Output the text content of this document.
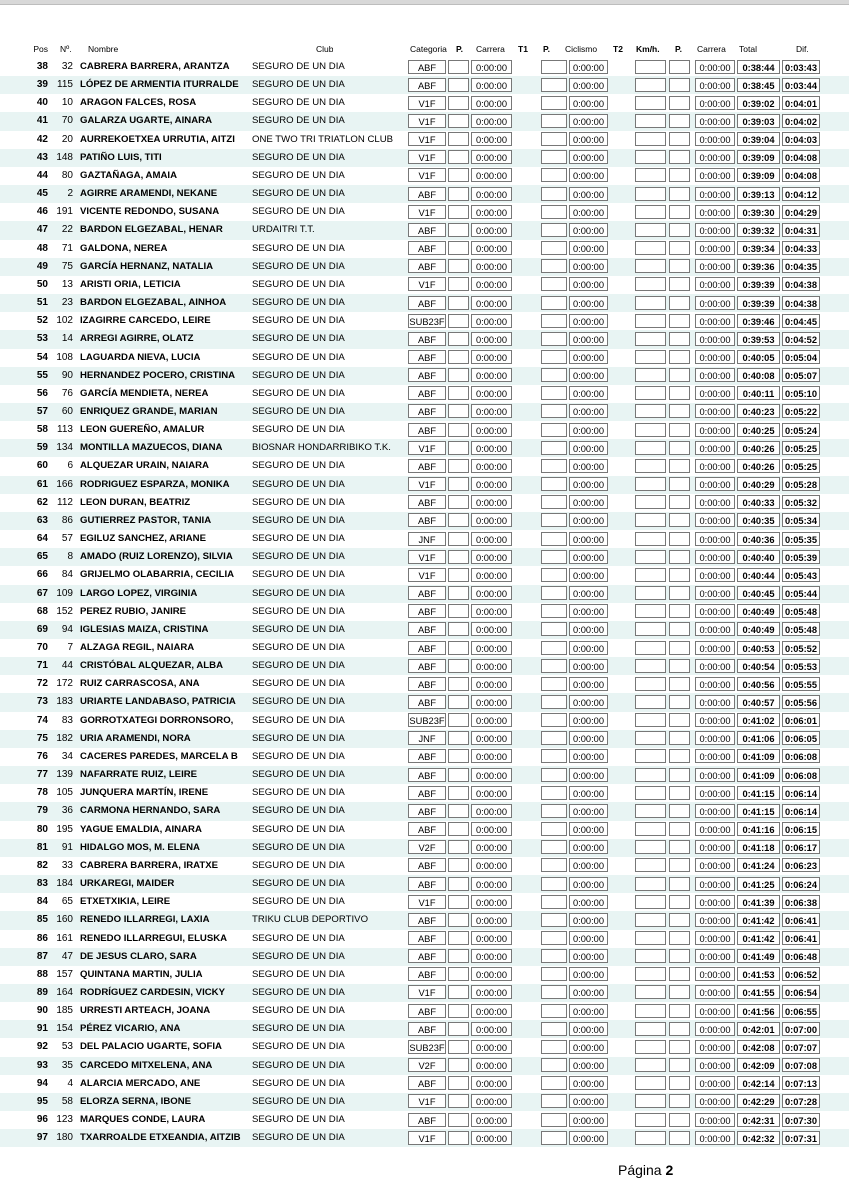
Pos Nº.	Nombre	Club	Categoria P. Carrera T1 P. Ciclismo T2 Km/h. P. Carrera Total	Dif.
38	32 CABRERA BARRERA, ARANTZA	SEGURO DE UN DIA	ABF	0:00:00	0:00:00	0:00:00	0:38:44	0:03:43
39 115 LÓPEZ DE ARMENTIA ITURRALDE	SEGURO DE UN DIA	ABF	0:00:00	0:00:00	0:00:00	0:38:45	0:03:44
40	10 ARAGON FALCES, ROSA	SEGURO DE UN DIA	V1F	0:00:00	0:00:00	0:00:00	0:39:02	0:04:01
41	70 GALARZA UGARTE, AINARA	SEGURO DE UN DIA	V1F	0:00:00	0:00:00	0:00:00	0:39:03	0:04:02
42	20 AURREKOETXEA URRUTIA, AITZI	ONE TWO TRI TRIATLON CLUB	V1F	0:00:00	0:00:00	0:00:00	0:39:04	0:04:03
43 148 PATIÑO LUIS, TITI	SEGURO DE UN DIA	V1F	0:00:00	0:00:00	0:00:00	0:39:09	0:04:08
44	80 GAZTAÑAGA, AMAIA	SEGURO DE UN DIA	V1F	0:00:00	0:00:00	0:00:00	0:39:09	0:04:08
45	2 AGIRRE ARAMENDI, NEKANE	SEGURO DE UN DIA	ABF	0:00:00	0:00:00	0:00:00	0:39:13	0:04:12
46 191 VICENTE REDONDO, SUSANA	SEGURO DE UN DIA	V1F	0:00:00	0:00:00	0:00:00	0:39:30	0:04:29
47	22 BARDON ELGEZABAL, HENAR	URDAITRI T.T.	ABF	0:00:00	0:00:00	0:00:00	0:39:32	0:04:31
48	71 GALDONA, NEREA	SEGURO DE UN DIA	ABF	0:00:00	0:00:00	0:00:00	0:39:34	0:04:33
49	75 GARCÍA HERNANZ, NATALIA	SEGURO DE UN DIA	ABF	0:00:00	0:00:00	0:00:00	0:39:36	0:04:35
50	13 ARISTI ORIA, LETICIA	SEGURO DE UN DIA	V1F	0:00:00	0:00:00	0:00:00	0:39:39	0:04:38
51	23 BARDON ELGEZABAL, AINHOA	SEGURO DE UN DIA	ABF	0:00:00	0:00:00	0:00:00	0:39:39	0:04:38
52 102 IZAGIRRE CARCEDO, LEIRE	SEGURO DE UN DIA	SUB23F	0:00:00	0:00:00	0:00:00	0:39:46	0:04:45
53	14 ARREGI AGIRRE, OLATZ	SEGURO DE UN DIA	ABF	0:00:00	0:00:00	0:00:00	0:39:53	0:04:52
54 108 LAGUARDA NIEVA, LUCIA	SEGURO DE UN DIA	ABF	0:00:00	0:00:00	0:00:00	0:40:05	0:05:04
55	90 HERNANDEZ POCERO, CRISTINA	SEGURO DE UN DIA	ABF	0:00:00	0:00:00	0:00:00	0:40:08	0:05:07
56	76 GARCÍA MENDIETA, NEREA	SEGURO DE UN DIA	ABF	0:00:00	0:00:00	0:00:00	0:40:11	0:05:10
57	60 ENRIQUEZ GRANDE, MARIAN	SEGURO DE UN DIA	ABF	0:00:00	0:00:00	0:00:00	0:40:23	0:05:22
58 113 LEON GUEREÑO, AMALUR	SEGURO DE UN DIA	ABF	0:00:00	0:00:00	0:00:00	0:40:25	0:05:24
59 134 MONTILLA MAZUECOS, DIANA	BIOSNAR HONDARRIBIKO T.K.	V1F	0:00:00	0:00:00	0:00:00	0:40:26	0:05:25
60	6 ALQUEZAR URAIN, NAIARA	SEGURO DE UN DIA	ABF	0:00:00	0:00:00	0:00:00	0:40:26	0:05:25
61 166 RODRIGUEZ ESPARZA, MONIKA	SEGURO DE UN DIA	V1F	0:00:00	0:00:00	0:00:00	0:40:29	0:05:28
62 112 LEON DURAN, BEATRIZ	SEGURO DE UN DIA	ABF	0:00:00	0:00:00	0:00:00	0:40:33	0:05:32
63	86 GUTIERREZ PASTOR, TANIA	SEGURO DE UN DIA	ABF	0:00:00	0:00:00	0:00:00	0:40:35	0:05:34
64	57 EGILUZ SANCHEZ, ARIANE	SEGURO DE UN DIA	JNF	0:00:00	0:00:00	0:00:00	0:40:36	0:05:35
65	8 AMADO (RUIZ LORENZO), SILVIA	SEGURO DE UN DIA	V1F	0:00:00	0:00:00	0:00:00	0:40:40	0:05:39
66	84 GRIJELMO OLABARRIA, CECILIA	SEGURO DE UN DIA	V1F	0:00:00	0:00:00	0:00:00	0:40:44	0:05:43
67 109 LARGO LOPEZ, VIRGINIA	SEGURO DE UN DIA	ABF	0:00:00	0:00:00	0:00:00	0:40:45	0:05:44
68 152 PEREZ RUBIO, JANIRE	SEGURO DE UN DIA	ABF	0:00:00	0:00:00	0:00:00	0:40:49	0:05:48
69	94 IGLESIAS MAIZA, CRISTINA	SEGURO DE UN DIA	ABF	0:00:00	0:00:00	0:00:00	0:40:49	0:05:48
70	7 ALZAGA REGIL, NAIARA	SEGURO DE UN DIA	ABF	0:00:00	0:00:00	0:00:00	0:40:53	0:05:52
71	44 CRISTÓBAL ALQUEZAR, ALBA	SEGURO DE UN DIA	ABF	0:00:00	0:00:00	0:00:00	0:40:54	0:05:53
72 172 RUIZ CARRASCOSA, ANA	SEGURO DE UN DIA	ABF	0:00:00	0:00:00	0:00:00	0:40:56	0:05:55
73 183 URIARTE LANDABASO, PATRICIA	SEGURO DE UN DIA	ABF	0:00:00	0:00:00	0:00:00	0:40:57	0:05:56
74	83 GORROTXATEGI DORRONSORO,	SEGURO DE UN DIA	SUB23F	0:00:00	0:00:00	0:00:00	0:41:02	0:06:01
75 182 URIA ARAMENDI, NORA	SEGURO DE UN DIA	JNF	0:00:00	0:00:00	0:00:00	0:41:06	0:06:05
76	34 CACERES PAREDES, MARCELA B	SEGURO DE UN DIA	ABF	0:00:00	0:00:00	0:00:00	0:41:09	0:06:08
77 139 NAFARRATE RUIZ, LEIRE	SEGURO DE UN DIA	ABF	0:00:00	0:00:00	0:00:00	0:41:09	0:06:08
78 105 JUNQUERA MARTÍN, IRENE	SEGURO DE UN DIA	ABF	0:00:00	0:00:00	0:00:00	0:41:15	0:06:14
79	36 CARMONA HERNANDO, SARA	SEGURO DE UN DIA	ABF	0:00:00	0:00:00	0:00:00	0:41:15	0:06:14
80 195 YAGUE EMALDIA, AINARA	SEGURO DE UN DIA	ABF	0:00:00	0:00:00	0:00:00	0:41:16	0:06:15
81	91 HIDALGO MOS, M. ELENA	SEGURO DE UN DIA	V2F	0:00:00	0:00:00	0:00:00	0:41:18	0:06:17
82	33 CABRERA BARRERA, IRATXE	SEGURO DE UN DIA	ABF	0:00:00	0:00:00	0:00:00	0:41:24	0:06:23
83 184 URKAREGI, MAIDER	SEGURO DE UN DIA	ABF	0:00:00	0:00:00	0:00:00	0:41:25	0:06:24
84	65 ETXETXIKIA, LEIRE	SEGURO DE UN DIA	V1F	0:00:00	0:00:00	0:00:00	0:41:39	0:06:38
85 160 RENEDO ILLARREGI, LAXIA	TRIKU CLUB DEPORTIVO	ABF	0:00:00	0:00:00	0:00:00	0:41:42	0:06:41
86 161 RENEDO ILLARREGUI, ELUSKA	SEGURO DE UN DIA	ABF	0:00:00	0:00:00	0:00:00	0:41:42	0:06:41
87	47 DE JESUS CLARO, SARA	SEGURO DE UN DIA	ABF	0:00:00	0:00:00	0:00:00	0:41:49	0:06:48
88 157 QUINTANA MARTIN, JULIA	SEGURO DE UN DIA	ABF	0:00:00	0:00:00	0:00:00	0:41:53	0:06:52
89 164 RODRÍGUEZ CARDESIN, VICKY	SEGURO DE UN DIA	V1F	0:00:00	0:00:00	0:00:00	0:41:55	0:06:54
90 185 URRESTI ARTEACH, JOANA	SEGURO DE UN DIA	ABF	0:00:00	0:00:00	0:00:00	0:41:56	0:06:55
91 154 PÉREZ VICARIO, ANA	SEGURO DE UN DIA	ABF	0:00:00	0:00:00	0:00:00	0:42:01	0:07:00
92	53 DEL PALACIO UGARTE, SOFIA	SEGURO DE UN DIA	SUB23F	0:00:00	0:00:00	0:00:00	0:42:08	0:07:07
93	35 CARCEDO MITXELENA, ANA	SEGURO DE UN DIA	V2F	0:00:00	0:00:00	0:00:00	0:42:09	0:07:08
94	4 ALARCIA MERCADO, ANE	SEGURO DE UN DIA	ABF	0:00:00	0:00:00	0:00:00	0:42:14	0:07:13
95	58 ELORZA SERNA, IBONE	SEGURO DE UN DIA	V1F	0:00:00	0:00:00	0:00:00	0:42:29	0:07:28
96 123 MARQUES CONDE, LAURA	SEGURO DE UN DIA	ABF	0:00:00	0:00:00	0:00:00	0:42:31	0:07:30
97 180 TXARROALDE ETXEANDIA, AITZIB	SEGURO DE UN DIA	V1F	0:00:00	0:00:00	0:00:00	0:42:32	0:07:31
Página 2
